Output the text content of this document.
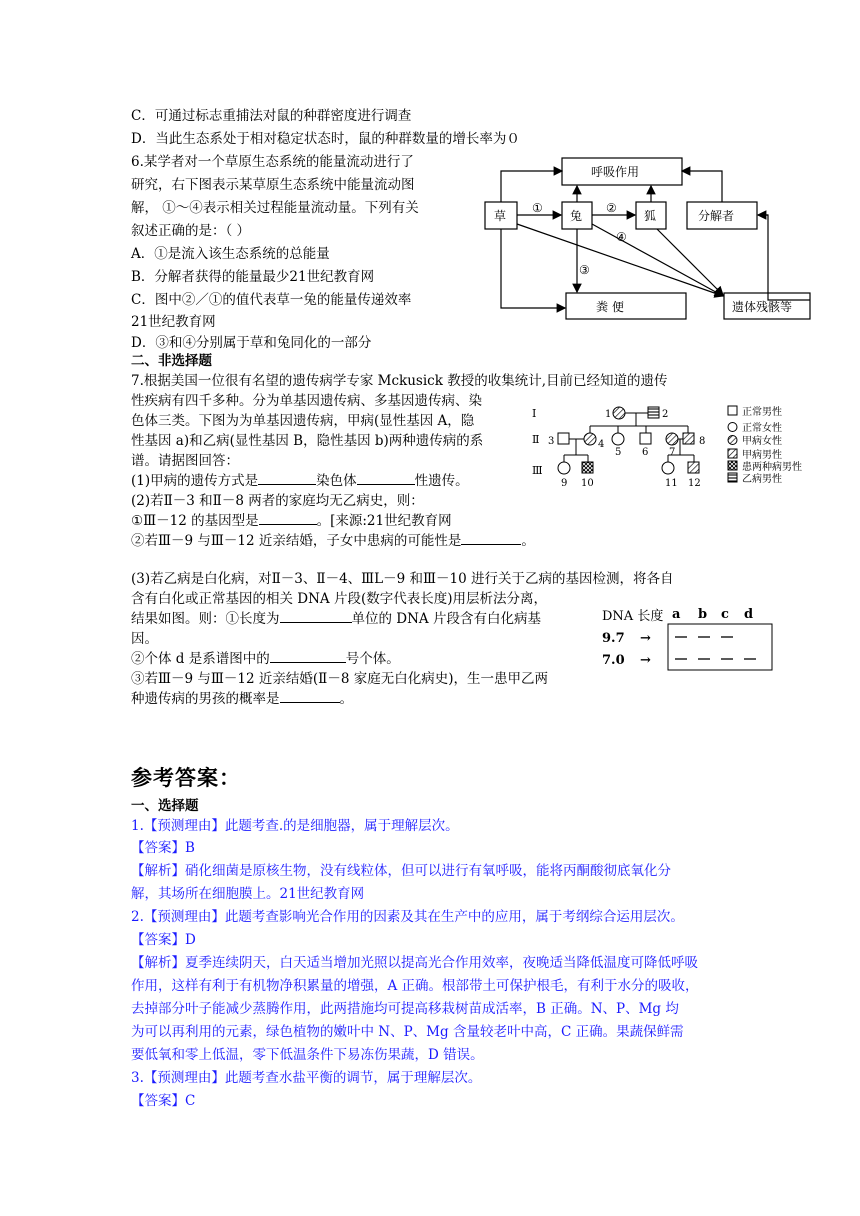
C．可通过标志重捕法对鼠的种群密度进行调查
D．当此生态系处于相对稳定状态时，鼠的种群数量的增长率为０
6.某学者对一个草原生态系统的能量流动进行了
研究，右下图表示某草原生态系统中能量流动图
解， ①～④表示相关过程能量流动量。下列有关
叙述正确的是：（ ）
A．①是流入该生态系统的总能量
B．分解者获得的能量最少21世纪教育网
C．图中②／①的值代表草一兔的能量传递效率
21世纪教育网
D．③和④分别属于草和兔同化的一部分
呼吸作用
草	兔	狐	分解者
粪 便	遗体残骸等
①	②
③
④
二、非选择题
7.根据美国一位很有名望的遗传病学专家 Mckusick 教授的收集统计,目前已经知道的遗传
性疾病有四千多种。分为单基因遗传病、多基因遗传病、染
色体三类。下图为为单基因遗传病，甲病(显性基因 A，隐
性基因 a)和乙病(显性基因 B，隐性基因 b)两种遗传病的系
谱。请据图回答：
(1)甲病的遗传方式是	染色体	性遗传。
(2)若Ⅱ－3 和Ⅱ－8 两者的家庭均无乙病史，则：
①Ⅲ－12 的基因型是	。[来源:21世纪教育网
②若Ⅲ－9 与Ⅲ－12 近亲结婚，子女中患病的可能性是	。
Ⅰ
Ⅱ
Ⅲ
1	2
3	4
5 6 7
8
9 10	11 12
正常男性
正常女性
甲病女性
甲病男性
患两种病男性
乙病男性
(3)若乙病是白化病，对Ⅱ－3、Ⅱ－4、ⅢL－9 和Ⅲ－10 进行关于乙病的基因检测，将各自
含有白化或正常基因的相关 DNA 片段(数字代表长度)用层析法分离，
结果如图。则：①长度为	单位的 DNA 片段含有白化病基
因。
②个体 d 是系谱图中的	号个体。
③若Ⅲ－9 与Ⅲ－12 近亲结婚(Ⅱ－8 家庭无白化病史)，生一患甲乙两
种遗传病的男孩的概率是	。
DNA 长度 a b c d
9.7
7.0
→
→
参考答案：
一、选择题
1.【预测理由】此题考查.的是细胞器，属于理解层次。
【答案】B
【解析】硝化细菌是原核生物，没有线粒体，但可以进行有氧呼吸，能将丙酮酸彻底氧化分
解，其场所在细胞膜上。21世纪教育网
2.【预测理由】此题考查影响光合作用的因素及其在生产中的应用，属于考纲综合运用层次。
【答案】D
【解析】夏季连续阴天，白天适当增加光照以提高光合作用效率，夜晚适当降低温度可降低呼吸
作用，这样有利于有机物净积累量的增强，A 正确。根部带土可保护根毛，有利于水分的吸收，
去掉部分叶子能减少蒸腾作用，此两措施均可提高移栽树苗成活率，B 正确。N、P、Mg 均
为可以再利用的元素，绿色植物的嫩叶中 N、P、Mg 含量较老叶中高，C 正确。果蔬保鲜需
要低氧和零上低温，零下低温条件下易冻伤果蔬，D 错误。
3.【预测理由】此题考查水盐平衡的调节，属于理解层次。
【答案】C
